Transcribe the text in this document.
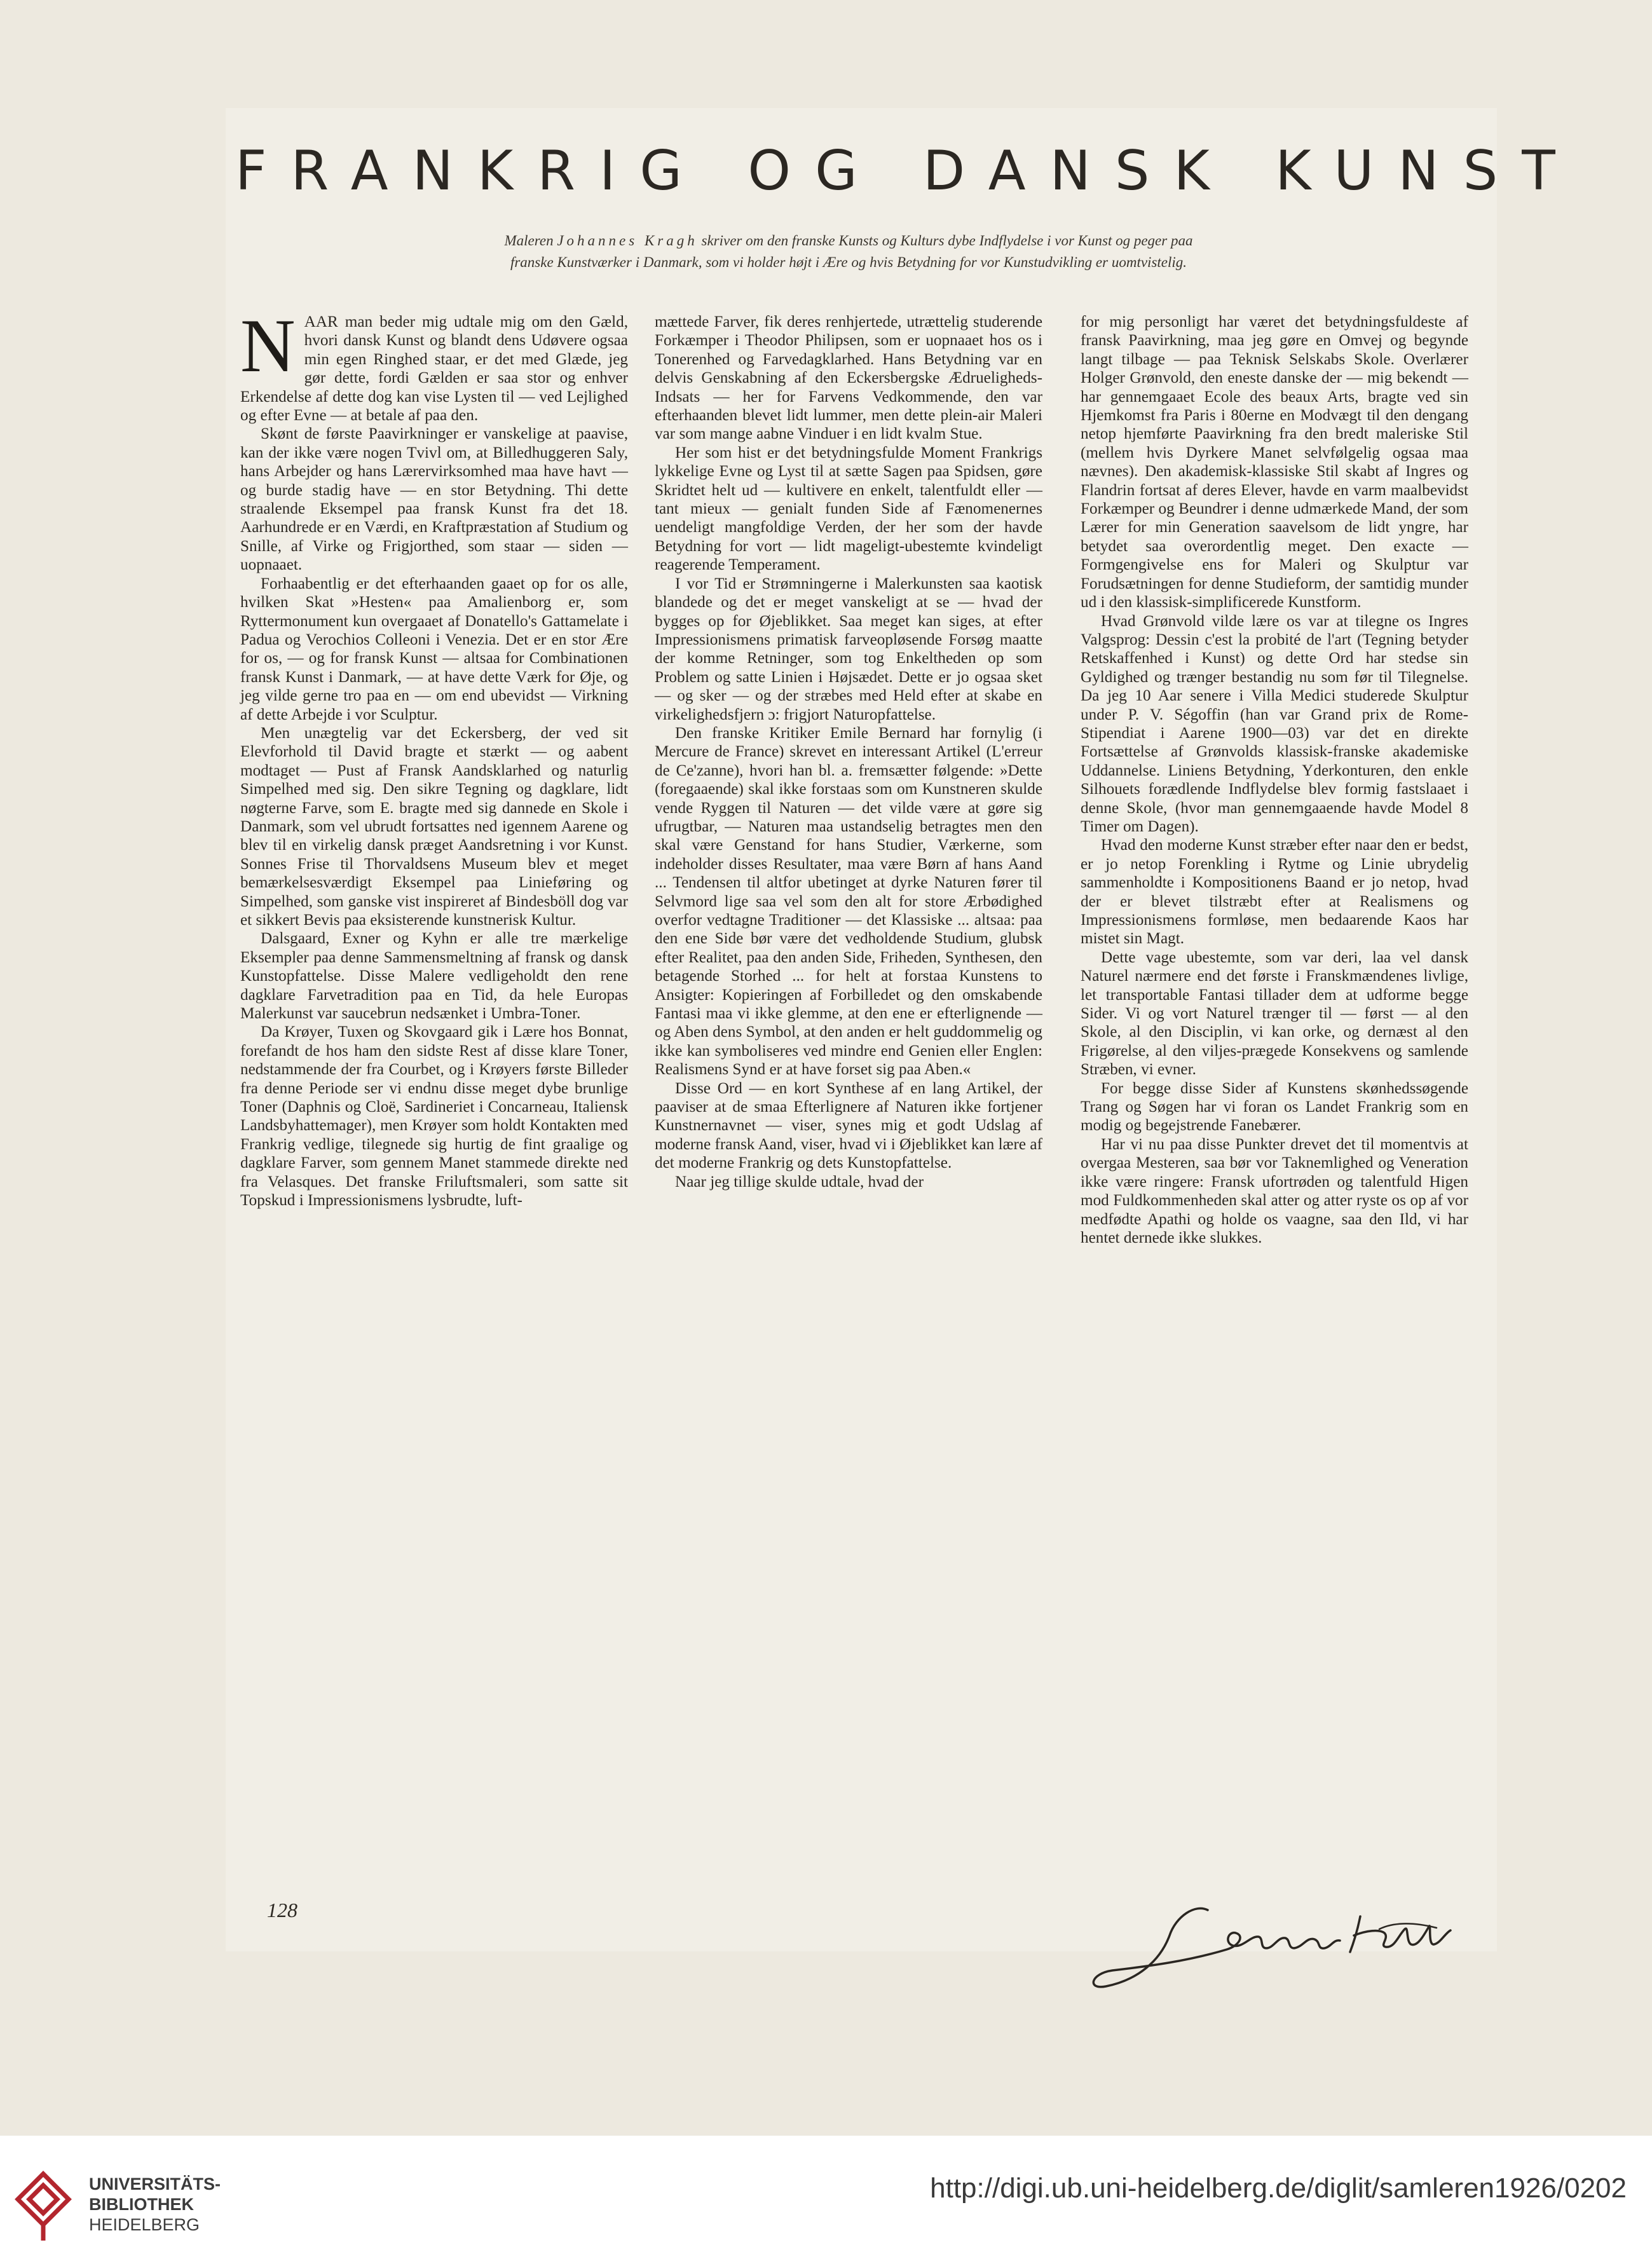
FRANKRIG OG DANSK KUNST
Maleren Johannes Kragh skriver om den franske Kunsts og Kulturs dybe Indflydelse i vor Kunst og peger paa
franske Kunstværker i Danmark, som vi holder højt i Ære og hvis Betydning for vor Kunstudvikling er uomtvistelig.

NAAR man beder mig udtale mig om den Gæld, hvori dansk Kunst og blandt dens Udøvere ogsaa min egen Ringhed staar, er det med Glæde, jeg gør dette, fordi Gælden er saa stor og enhver Erkendelse af dette dog kan vise Lysten til — ved Lejlighed og efter Evne — at betale af paa den.

Skønt de første Paavirkninger er vanskelige at paavise, kan der ikke være nogen Tvivl om, at Billedhuggeren Saly, hans Arbejder og hans Lærervirksomhed maa have havt — og burde stadig have — en stor Betydning. Thi dette straalende Eksempel paa fransk Kunst fra det 18. Aarhundrede er en Værdi, en Kraftpræstation af Studium og Snille, af Virke og Frigjorthed, som staar — siden — uopnaaet.

Forhaabentlig er det efterhaanden gaaet op for os alle, hvilken Skat »Hesten« paa Amalienborg er, som Ryttermonument kun overgaaet af Donatello's Gattamelate i Padua og Verochios Colleoni i Venezia. Det er en stor Ære for os, — og for fransk Kunst — altsaa for Combinationen fransk Kunst i Danmark, — at have dette Værk for Øje, og jeg vilde gerne tro paa en — om end ubevidst — Virkning af dette Arbejde i vor Sculptur.

Men unægtelig var det Eckersberg, der ved sit Elevforhold til David bragte et stærkt — og aabent modtaget — Pust af Fransk Aandsklarhed og naturlig Simpelhed med sig. Den sikre Tegning og dagklare, lidt nøgterne Farve, som E. bragte med sig dannede en Skole i Danmark, som vel ubrudt fortsattes ned igennem Aarene og blev til en virkelig dansk præget Aandsretning i vor Kunst. Sonnes Frise til Thorvaldsens Museum blev et meget bemærkelsesværdigt Eksempel paa Linieføring og Simpelhed, som ganske vist inspireret af Bindesböll dog var et sikkert Bevis paa eksisterende kunstnerisk Kultur.

Dalsgaard, Exner og Kyhn er alle tre mærkelige Eksempler paa denne Sammensmeltning af fransk og dansk Kunstopfattelse. Disse Malere vedligeholdt den rene dagklare Farvetradition paa en Tid, da hele Europas Malerkunst var saucebrun nedsænket i Umbra-Toner.

Da Krøyer, Tuxen og Skovgaard gik i Lære hos Bonnat, forefandt de hos ham den sidste Rest af disse klare Toner, nedstammende der fra Courbet, og i Krøyers første Billeder fra denne Periode ser vi endnu disse meget dybe brunlige Toner (Daphnis og Cloë, Sardineriet i Concarneau, Italiensk Landsbyhattemager), men Krøyer som holdt Kontakten med Frankrig vedlige, tilegnede sig hurtig de fint graalige og dagklare Farver, som gennem Manet stammede direkte ned fra Velasques. Det franske Friluftsmaleri, som satte sit Topskud i Impressionismens lysbrudte, luft-

mættede Farver, fik deres renhjertede, utrættelig studerende Forkæmper i Theodor Philipsen, som er uopnaaet hos os i Tonerenhed og Farvedagklarhed. Hans Betydning var en delvis Genskabning af den Eckersbergske Ædrueligheds-Indsats — her for Farvens Vedkommende, den var efterhaanden blevet lidt lummer, men dette plein-air Maleri var som mange aabne Vinduer i en lidt kvalm Stue.

Her som hist er det betydningsfulde Moment Frankrigs lykkelige Evne og Lyst til at sætte Sagen paa Spidsen, gøre Skridtet helt ud — kultivere en enkelt, talentfuldt eller — tant mieux — genialt funden Side af Fænomenernes uendeligt mangfoldige Verden, der her som der havde Betydning for vort — lidt mageligt-ubestemte kvindeligt reagerende Temperament.

I vor Tid er Strømningerne i Malerkunsten saa kaotisk blandede og det er meget vanskeligt at se — hvad der bygges op for Øjeblikket. Saa meget kan siges, at efter Impressionismens primatisk farveopløsende Forsøg maatte der komme Retninger, som tog Enkeltheden op som Problem og satte Linien i Højsædet. Dette er jo ogsaa sket — og sker — og der stræbes med Held efter at skabe en virkelighedsfjern ɔ: frigjort Naturopfattelse.

Den franske Kritiker Emile Bernard har fornylig (i Mercure de France) skrevet en interessant Artikel (L'erreur de Ce'zanne), hvori han bl. a. fremsætter følgende: »Dette (foregaaende) skal ikke forstaas som om Kunstneren skulde vende Ryggen til Naturen — det vilde være at gøre sig ufrugtbar, — Naturen maa ustandselig betragtes men den skal være Genstand for hans Studier, Værkerne, som indeholder disses Resultater, maa være Børn af hans Aand ... Tendensen til altfor ubetinget at dyrke Naturen fører til Selvmord lige saa vel som den alt for store Ærbødighed overfor vedtagne Traditioner — det Klassiske ... altsaa: paa den ene Side bør være det vedholdende Studium, glubsk efter Realitet, paa den anden Side, Friheden, Synthesen, den betagende Storhed ... for helt at forstaa Kunstens to Ansigter: Kopieringen af Forbilledet og den omskabende Fantasi maa vi ikke glemme, at den ene er efterlignende — og Aben dens Symbol, at den anden er helt guddommelig og ikke kan symboliseres ved mindre end Genien eller Englen: Realismens Synd er at have forset sig paa Aben.«

Disse Ord — en kort Synthese af en lang Artikel, der paaviser at de smaa Efterlignere af Naturen ikke fortjener Kunstnernavnet — viser, synes mig et godt Udslag af moderne fransk Aand, viser, hvad vi i Øjeblikket kan lære af det moderne Frankrig og dets Kunstopfattelse.

Naar jeg tillige skulde udtale, hvad der

for mig personligt har været det betydningsfuldeste af fransk Paavirkning, maa jeg gøre en Omvej og begynde langt tilbage — paa Teknisk Selskabs Skole. Overlærer Holger Grønvold, den eneste danske der — mig bekendt — har gennemgaaet Ecole des beaux Arts, bragte ved sin Hjemkomst fra Paris i 80erne en Modvægt til den dengang netop hjemførte Paavirkning fra den bredt maleriske Stil (mellem hvis Dyrkere Manet selvfølgelig ogsaa maa nævnes). Den akademisk-klassiske Stil skabt af Ingres og Flandrin fortsat af deres Elever, havde en varm maalbevidst Forkæmper og Beundrer i denne udmærkede Mand, der som Lærer for min Generation saavelsom de lidt yngre, har betydet saa overordentlig meget. Den exacte —Formgengivelse ens for Maleri og Skulptur var Forudsætningen for denne Studieform, der samtidig munder ud i den klassisk-simplificerede Kunstform.

Hvad Grønvold vilde lære os var at tilegne os Ingres Valgsprog: Dessin c'est la probité de l'art (Tegning betyder Retskaffenhed i Kunst) og dette Ord har stedse sin Gyldighed og trænger bestandig nu som før til Tilegnelse. Da jeg 10 Aar senere i Villa Medici studerede Skulptur under P. V. Ségoffin (han var Grand prix de Rome-Stipendiat i Aarene 1900—03) var det en direkte Fortsættelse af Grønvolds klassisk-franske akademiske Uddannelse. Liniens Betydning, Yderkonturen, den enkle Silhouets forædlende Indflydelse blev formig fastslaaet i denne Skole, (hvor man gennemgaaende havde Model 8 Timer om Dagen).

Hvad den moderne Kunst stræber efter naar den er bedst, er jo netop Forenkling i Rytme og Linie ubrydelig sammenholdte i Kompositionens Baand er jo netop, hvad der er blevet tilstræbt efter at Realismens og Impressionismens formløse, men bedaarende Kaos har mistet sin Magt.

Dette vage ubestemte, som var deri, laa vel dansk Naturel nærmere end det første i Franskmændenes livlige, let transportable Fantasi tillader dem at udforme begge Sider. Vi og vort Naturel trænger til — først — al den Skole, al den Disciplin, vi kan orke, og dernæst al den Frigørelse, al den viljes-prægede Konsekvens og samlende Stræben, vi evner.

For begge disse Sider af Kunstens skønhedssøgende Trang og Søgen har vi foran os Landet Frankrig som en modig og begejstrende Fanebærer.

Har vi nu paa disse Punkter drevet det til momentvis at overgaa Mesteren, saa bør vor Taknemlighed og Veneration ikke være ringere: Fransk ufortrøden og talentfuld Higen mod Fuldkommenheden skal atter og atter ryste os op af vor medfødte Apathi og holde os vaagne, saa den Ild, vi har hentet dernede ikke slukkes.

128
UNIVERSITÄTS-
BIBLIOTHEK
HEIDELBERG
http://digi.ub.uni-heidelberg.de/diglit/samleren1926/0202
